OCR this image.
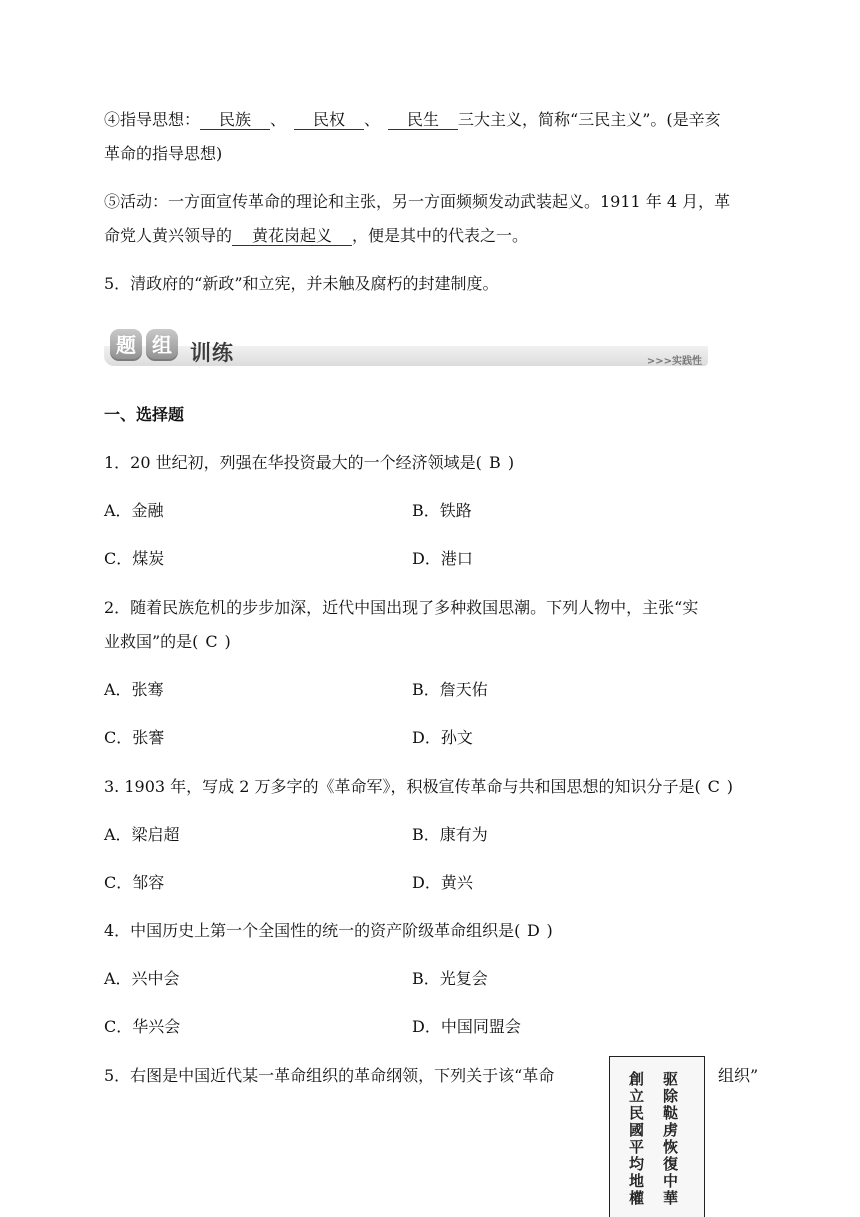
④指导思想： 民族 、 民权 、 民生 三大主义，简称“三民主义”。(是辛亥
革命的指导思想)
⑤活动：一方面宣传革命的理论和主张，另一方面频频发动武装起义。1911 年 4 月，革
命党人黄兴领导的 黄花岗起义 ，便是其中的代表之一。
5．清政府的“新政”和立宪，并未触及腐朽的封建制度。
题 组 训练	>>>实践性
一、选择题
1．20 世纪初，列强在华投资最大的一个经济领域是( B )
A．金融	B．铁路
C．煤炭	D．港口
2．随着民族危机的步步加深，近代中国出现了多种救国思潮。下列人物中，主张“实
业救国”的是( C )
A．张骞	B．詹天佑
C．张謇	D．孙文
3. 1903 年，写成 2 万多字的《革命军》，积极宣传革命与共和国思想的知识分子是( C )
A．梁启超	B．康有为
C．邹容	D．黄兴
4．中国历史上第一个全国性的统一的资产阶级革命组织是( D )
A．兴中会	B．光复会
C．华兴会	D．中国同盟会
5．右图是中国近代某一革命组织的革命纲领，下列关于该“革命	组织”
驱除鞑虏恢復中華
創立民國平均地權
